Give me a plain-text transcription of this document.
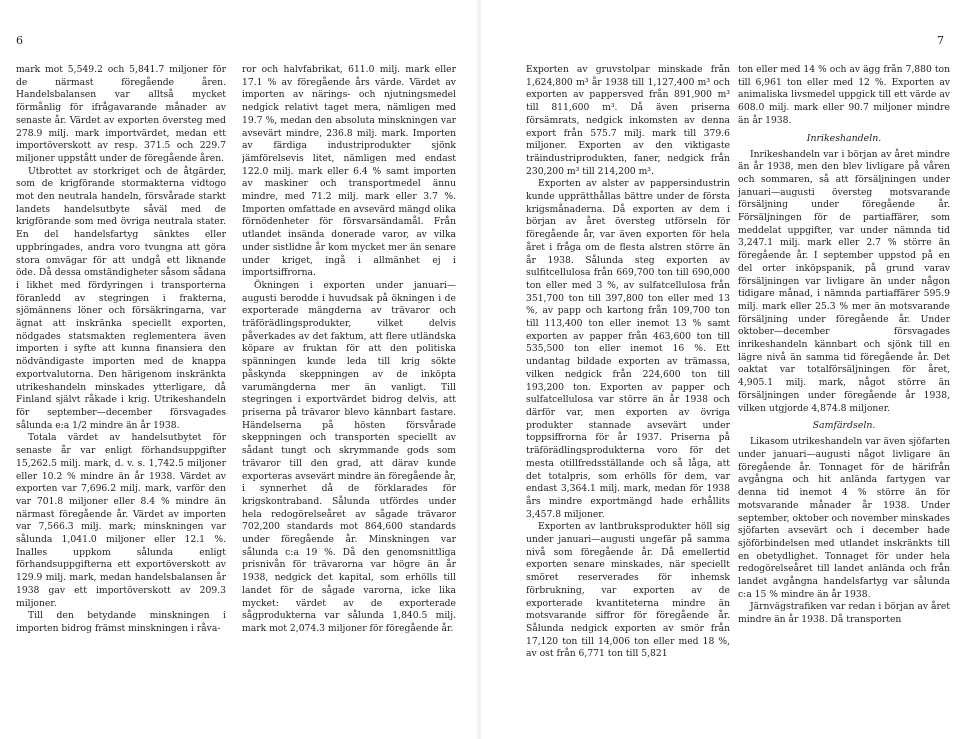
6

mark mot 5,549.2 och 5,841.7 miljoner för de närmast föregående åren. Handelsbalansen var alltså mycket förmånlig för ifrågavarande månader av senaste år. Värdet av exporten översteg med 278.9 milj. mark importvärdet, medan ett importöverskott av resp. 371.5 och 229.7 miljoner uppstått under de föregående åren.

Utbrottet av storkriget och de åtgärder, som de krigförande stormakterna vidtogo mot den neutrala handeln, försvårade starkt landets handelsutbyte såväl med de krigförande som med övriga neutrala stater. En del handelsfartyg sänktes eller uppbringades, andra voro tvungna att göra stora omvägar för att undgå ett liknande öde. Då dessa omständigheter såsom sådana i likhet med fördyringen i transporterna föranledd av stegringen i frakterna, sjömännens löner och försäkringarna, var ägnat att inskränka speciellt exporten, nödgades statsmakten reglementera även importen i syfte att kunna finansiera den nödvändigaste importen med de knappa exportvalutorna. Den härigenom inskränkta utrikeshandeln minskades ytterligare, då Finland självt råkade i krig. Utrikeshandeln för september—december försvagades sålunda e:a 1/2 mindre än år 1938.

Totala värdet av handelsutbytet för senaste år var enligt förhandsuppgifter 15,262.5 milj. mark, d. v. s. 1,742.5 miljoner eller 10.2 % mindre än år 1938. Värdet av exporten var 7,696.2 milj. mark, varför den var 701.8 miljoner eller 8.4 % mindre än närmast föregående år. Värdet av importen var 7,566.3 milj. mark; minskningen var sålunda 1,041.0 miljoner eller 12.1 %. Inalles uppkom sålunda enligt förhandsuppgifterna ett exportöverskott av 129.9 milj. mark, medan handelsbalansen år 1938 gav ett importöverskott av 209.3 miljoner.

Till den betydande minskningen i importen bidrog främst minskningen i råva-

ror och halvfabrikat, 611.0 milj. mark eller 17.1 % av föregående års värde. Värdet av importen av närings- och njutningsmedel nedgick relativt taget mera, nämligen med 19.7 %, medan den absoluta minskningen var avsevärt mindre, 236.8 milj. mark. Importen av färdiga industriprodukter sjönk jämförelsevis litet, nämligen med endast 122.0 milj. mark eller 6.4 % samt importen av maskiner och transportmedel ännu mindre, med 71.2 milj. mark eller 3.7 %. Importen omfattade en avsevärd mängd olika förnödenheter för försvarsändamål. Från utlandet insända donerade varor, av vilka under sistlidne år kom mycket mer än senare under kriget, ingå i allmänhet ej i importsiffrorna.

Ökningen i exporten under januari—augusti berodde i huvudsak på ökningen i de exporterade mängderna av trävaror och träförädlingsprodukter, vilket delvis påverkades av det faktum, att flere utländska köpare av fruktan för att den politiska spänningen kunde leda till krig sökte påskynda skeppningen av de inköpta varumängderna mer än vanligt. Till stegringen i exportvärdet bidrog delvis, att priserna på trävaror blevo kännbart fastare. Händelserna på hösten försvårade skeppningen och transporten speciellt av sådant tungt och skrymmande gods som trävaror till den grad, att därav kunde exporteras avsevärt mindre än föregående år, i synnerhet då de förklarades för krigskontraband. Sålunda utfördes under hela redogörelseåret av sågade trävaror 702,200 standards mot 864,600 standards under föregående år. Minskningen var sålunda c:a 19 %. Då den genomsnittliga prisnivån för trävarorna var högre än år 1938, nedgick det kapital, som erhölls till landet för de sågade varorna, icke lika mycket: värdet av de exporterade sågprodukterna var sålunda 1,840.5 milj. mark mot 2,074.3 miljoner för föregående år.

7

Exporten av gruvstolpar minskade från 1,624,800 m³ år 1938 till 1,127,400 m³ och exporten av pappersved från 891,900 m³ till 811,600 m³. Då även priserna försämrats, nedgick inkomsten av denna export från 575.7 milj. mark till 379.6 miljoner. Exporten av den viktigaste träindustriprodukten, faner, nedgick från 230,200 m³ till 214,200 m³.

Exporten av alster av pappersindustrin kunde upprätthållas bättre under de första krigsmånaderna. Då exporten av dem i början av året översteg utförseln för föregående år, var även exporten för hela året i fråga om de flesta alstren större än år 1938. Sålunda steg exporten av sulfitcellulosa från 669,700 ton till 690,000 ton eller med 3 %, av sulfatcellulosa från 351,700 ton till 397,800 ton eller med 13 %, av papp och kartong från 109,700 ton till 113,400 ton eller inemot 13 % samt exporten av papper från 463,600 ton till 535,500 ton eller inemot 16 %. Ett undantag bildade exporten av trämassa, vilken nedgick från 224,600 ton till 193,200 ton. Exporten av papper och sulfatcellulosa var större än år 1938 och därför var, men exporten av övriga produkter stannade avsevärt under toppsiffrorna för år 1937. Priserna på träförädlingsprodukterna voro för det mesta otillfredsställande och så låga, att det totalpris, som erhölls för dem, var endast 3,364.1 milj. mark, medan för 1938 års mindre exportmängd hade erhållits 3,457.8 miljoner.

Exporten av lantbruksprodukter höll sig under januari—augusti ungefär på samma nivå som föregående år. Då emellertid exporten senare minskades, när speciellt smöret reserverades för inhemsk förbrukning, var exporten av de exporterade kvantiteterna mindre än motsvarande siffror för föregående år. Sålunda nedgick exporten av smör från 17,120 ton till 14,006 ton eller med 18 %, av ost från 6,771 ton till 5,821

ton eller med 14 % och av ägg från 7,880 ton till 6,961 ton eller med 12 %. Exporten av animaliska livsmedel uppgick till ett värde av 608.0 milj. mark eller 90.7 miljoner mindre än år 1938.

Inrikeshandeln.

Inrikeshandeln var i början av året mindre än år 1938, men den blev livligare på våren och sommaren, så att försäljningen under januari—augusti översteg motsvarande försäljning under föregående år. Försäljningen för de partiaffärer, som meddelat uppgifter, var under nämnda tid 3,247.1 milj. mark eller 2.7 % större än föregående år. I september uppstod på en del orter inköpspanik, på grund varav försäljningen var livligare än under någon tidigare månad, i nämnda partiaffärer 595.9 milj. mark eller 25.3 % mer än motsvarande försäljning under föregående år. Under oktober—december försvagades inrikeshandeln kännbart och sjönk till en lägre nivå än samma tid föregående år. Det oaktat var totalförsäljningen för året, 4,905.1 milj. mark, något större än försäljningen under föregående år 1938, vilken utgjorde 4,874.8 miljoner.

Samfärdseln.

Likasom utrikeshandeln var även sjöfarten under januari—augusti något livligare än föregående år. Tonnaget för de härifrån avgångna och hit anlända fartygen var denna tid inemot 4 % större än för motsvarande månader år 1938. Under september, oktober och november minskades sjöfarten avsevärt och i december hade sjöförbindelsen med utlandet inskränkts till en obetydlighet. Tonnaget för under hela redogörelseåret till landet anlända och från landet avgångna handelsfartyg var sålunda c:a 15 % mindre än år 1938.

Järnvägstrafiken var redan i början av året mindre än år 1938. Då transporten
